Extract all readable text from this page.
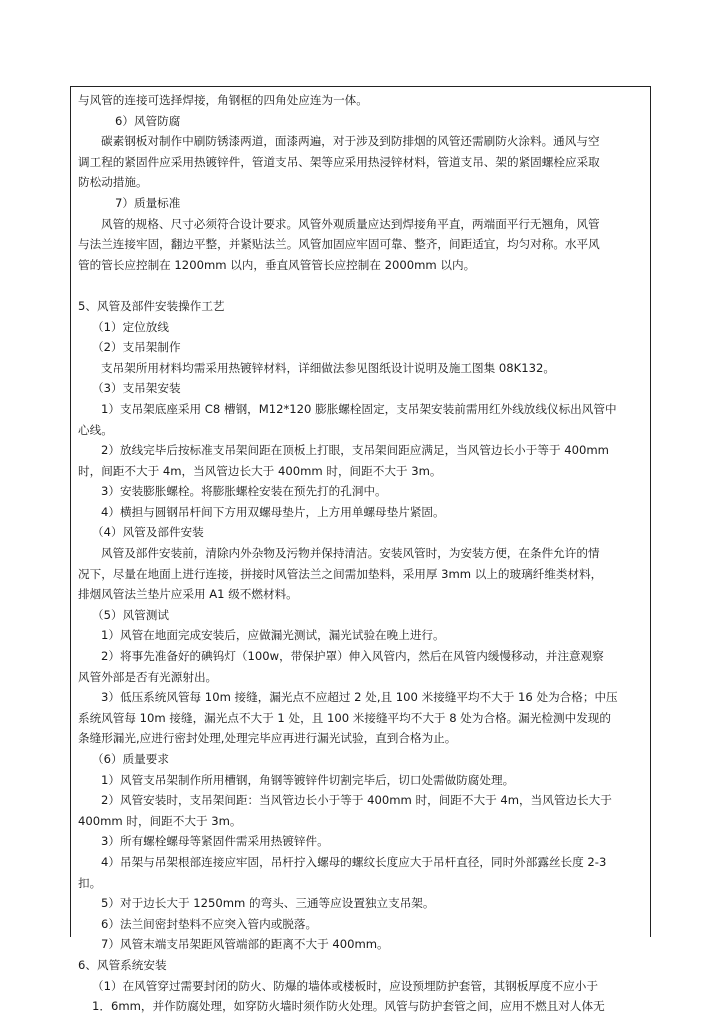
与风管的连接可选择焊接，角钢框的四角处应连为一体。
6）风管防腐
碳素钢板对制作中刷防锈漆两道，面漆两遍，对于涉及到防排烟的风管还需刷防火涂料。通风与空
调工程的紧固件应采用热镀锌件，管道支吊、架等应采用热浸锌材料，管道支吊、架的紧固螺栓应采取
防松动措施。
7）质量标准
风管的规格、尺寸必须符合设计要求。风管外观质量应达到焊接角平直，两端面平行无翘角，风管
与法兰连接牢固，翻边平整，并紧贴法兰。风管加固应牢固可靠、整齐，间距适宜，均匀对称。水平风
管的管长应控制在 1200mm 以内，垂直风管管长应控制在 2000mm 以内。

5、风管及部件安装操作工艺
（1）定位放线
（2）支吊架制作
支吊架所用材料均需采用热镀锌材料，详细做法参见图纸设计说明及施工图集 08K132。
（3）支吊架安装
1）支吊架底座采用 C8 槽钢，M12*120 膨胀螺栓固定，支吊架安装前需用红外线放线仪标出风管中
心线。
2）放线完毕后按标准支吊架间距在顶板上打眼，支吊架间距应满足，当风管边长小于等于 400mm
时，间距不大于 4m，当风管边长大于 400mm 时，间距不大于 3m。
3）安装膨胀螺栓。将膨胀螺栓安装在预先打的孔洞中。
4）横担与圆钢吊杆间下方用双螺母垫片，上方用单螺母垫片紧固。
（4）风管及部件安装
风管及部件安装前，清除内外杂物及污物并保持清洁。安装风管时，为安装方便，在条件允许的情
况下，尽量在地面上进行连接，拼接时风管法兰之间需加垫料，采用厚 3mm 以上的玻璃纤维类材料，
排烟风管法兰垫片应采用 A1 级不燃材料。
（5）风管测试
1）风管在地面完成安装后，应做漏光测试，漏光试验在晚上进行。
2）将事先准备好的碘钨灯（100w，带保护罩）伸入风管内，然后在风管内缓慢移动，并注意观察
风管外部是否有光源射出。
3）低压系统风管每 10m 接缝，漏光点不应超过 2 处,且 100 米接缝平均不大于 16 处为合格；中压
系统风管每 10m 接缝，漏光点不大于 1 处，且 100 米接缝平均不大于 8 处为合格。漏光检测中发现的
条缝形漏光,应进行密封处理,处理完毕应再进行漏光试验，直到合格为止。
（6）质量要求
1）风管支吊架制作所用槽钢，角钢等镀锌件切割完毕后，切口处需做防腐处理。
2）风管安装时，支吊架间距：当风管边长小于等于 400mm 时，间距不大于 4m，当风管边长大于
400mm 时，间距不大于 3m。
3）所有螺栓螺母等紧固件需采用热镀锌件。
4）吊架与吊架根部连接应牢固，吊杆拧入螺母的螺纹长度应大于吊杆直径，同时外部露丝长度 2-3
扣。
5）对于边长大于 1250mm 的弯头、三通等应设置独立支吊架。
6）法兰间密封垫料不应突入管内或脱落。
7）风管末端支吊架距风管端部的距离不大于 400mm。
6、风管系统安装
（1）在风管穿过需要封闭的防火、防爆的墙体或楼板时，应设预埋防护套管，其钢板厚度不应小于
1．6mm，并作防腐处理，如穿防火墙时须作防火处理。风管与防护套管之间，应用不燃且对人体无
